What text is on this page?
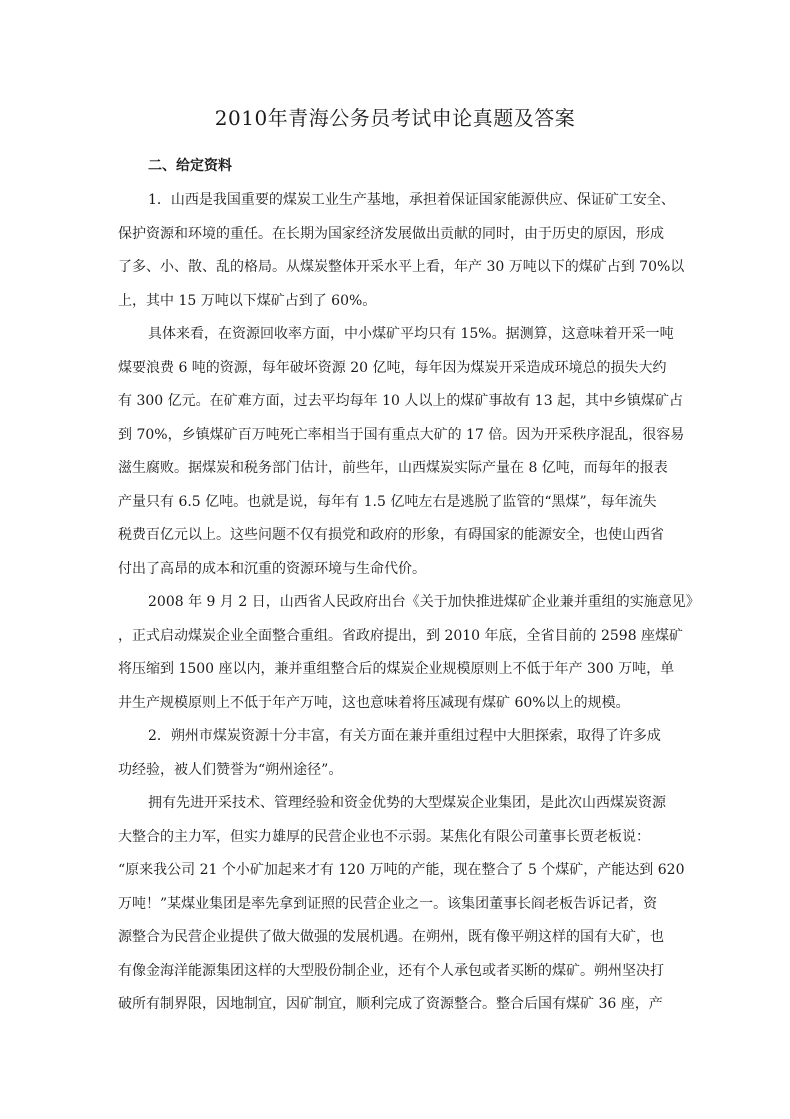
2010年青海公务员考试申论真题及答案
二、给定资料

1．山西是我国重要的煤炭工业生产基地，承担着保证国家能源供应、保证矿工安全、
保护资源和环境的重任。在长期为国家经济发展做出贡献的同时，由于历史的原因，形成
了多、小、散、乱的格局。从煤炭整体开采水平上看，年产 30 万吨以下的煤矿占到 70%以
上，其中 15 万吨以下煤矿占到了 60%。

具体来看，在资源回收率方面，中小煤矿平均只有 15%。据测算，这意味着开采一吨
煤要浪费 6 吨的资源，每年破坏资源 20 亿吨，每年因为煤炭开采造成环境总的损失大约
有 300 亿元。在矿难方面，过去平均每年 10 人以上的煤矿事故有 13 起，其中乡镇煤矿占
到 70%，乡镇煤矿百万吨死亡率相当于国有重点大矿的 17 倍。因为开采秩序混乱，很容易
滋生腐败。据煤炭和税务部门估计，前些年，山西煤炭实际产量在 8 亿吨，而每年的报表
产量只有 6.5 亿吨。也就是说，每年有 1.5 亿吨左右是逃脱了监管的“黑煤”，每年流失
税费百亿元以上。这些问题不仅有损党和政府的形象，有碍国家的能源安全，也使山西省
付出了高昂的成本和沉重的资源环境与生命代价。

2008 年 9 月 2 日，山西省人民政府出台《关于加快推进煤矿企业兼并重组的实施意见》
，正式启动煤炭企业全面整合重组。省政府提出，到 2010 年底，全省目前的 2598 座煤矿
将压缩到 1500 座以内，兼并重组整合后的煤炭企业规模原则上不低于年产 300 万吨，单
井生产规模原则上不低于年产万吨，这也意味着将压减现有煤矿 60%以上的规模。

2．朔州市煤炭资源十分丰富，有关方面在兼并重组过程中大胆探索，取得了许多成
功经验，被人们赞誉为“朔州途径”。

拥有先进开采技术、管理经验和资金优势的大型煤炭企业集团，是此次山西煤炭资源
大整合的主力军，但实力雄厚的民营企业也不示弱。某焦化有限公司董事长贾老板说：
“原来我公司 21 个小矿加起来才有 120 万吨的产能，现在整合了 5 个煤矿，产能达到 620
万吨！”某煤业集团是率先拿到证照的民营企业之一。该集团董事长阎老板告诉记者，资
源整合为民营企业提供了做大做强的发展机遇。在朔州，既有像平朔这样的国有大矿，也
有像金海洋能源集团这样的大型股份制企业，还有个人承包或者买断的煤矿。朔州坚决打
破所有制界限，因地制宜，因矿制宜，顺利完成了资源整合。整合后国有煤矿 36 座，产
